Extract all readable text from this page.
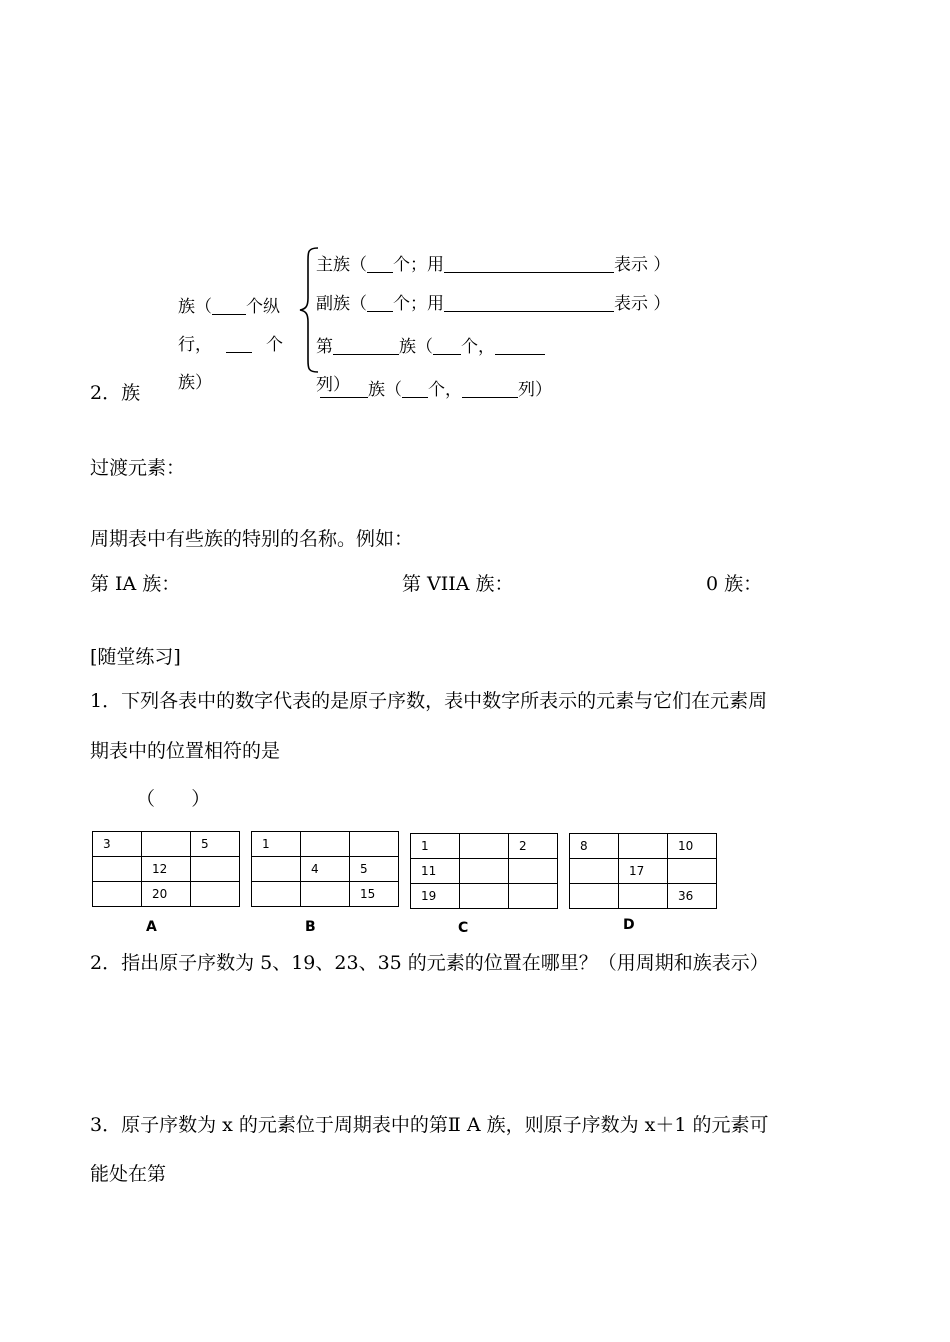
2．族
族（ 个纵
行，	个
族）
主族（ 个；用	表示 ）
副族（ 个；用	表示 ）
第	族（ 个，
列）	族（ 个，	列）
过渡元素：
周期表中有些族的特别的名称。例如：
第 IA 族：	第 VIIA 族：	0 族：
[随堂练习]
1．下列各表中的数字代表的是原子序数，表中数字所表示的元素与它们在元素周
期表中的位置相符的是
（      ）
3		5
	12	
	20	
A
1		
	4	5
		15
B
1		2
11		
19		
C
8		10
	17	
		36
D
2．指出原子序数为 5、19、23、35 的元素的位置在哪里？（用周期和族表示）
3．原子序数为 x 的元素位于周期表中的第Ⅱ A 族，则原子序数为 x＋1 的元素可
能处在第
